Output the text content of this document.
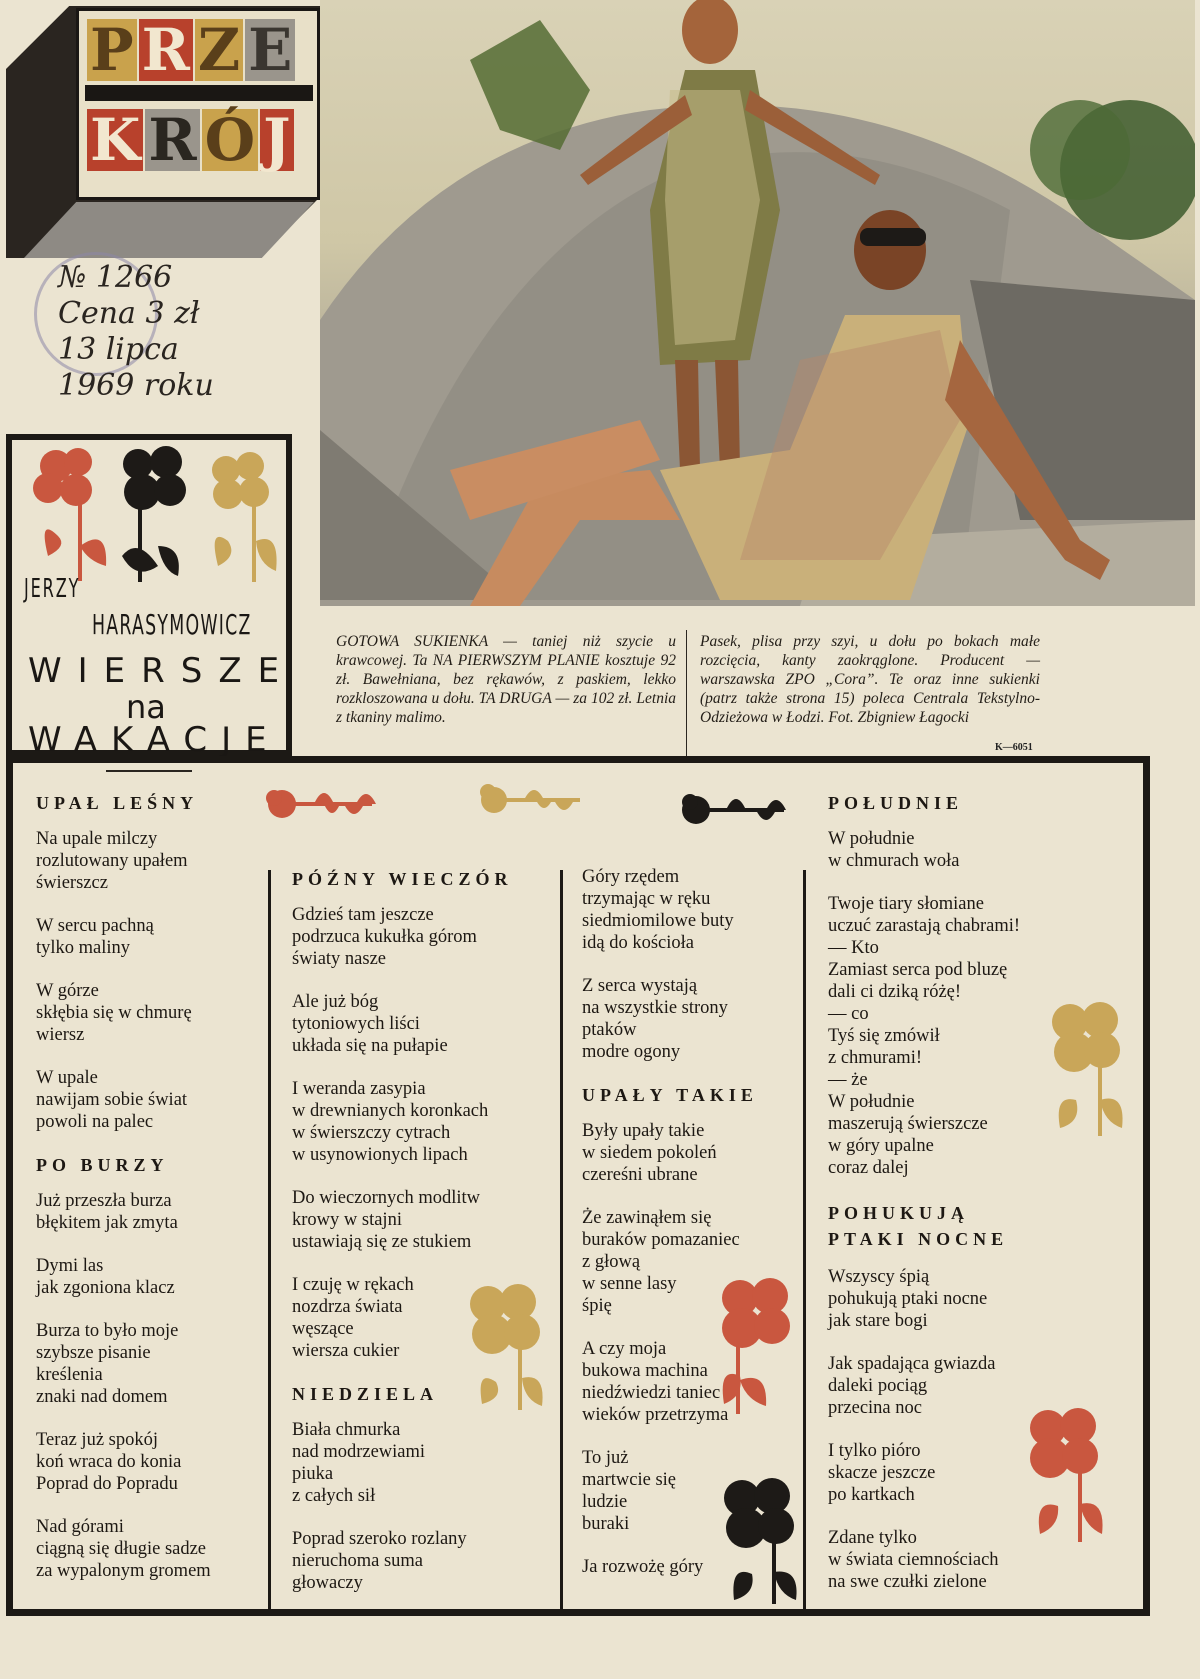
P R Z E
K R Ó J
№ 1266
Cena 3 zł
13 lipca
1969 roku
GOTOWA SUKIENKA — taniej niż szycie u krawcowej. Ta NA PIERWSZYM PLANIE kosztuje 92 zł. Bawełniana, bez rękawów, z paskiem, lekko rozkloszowana u dołu. TA DRUGA — za 102 zł. Letnia z tkaniny malimo.
Pasek, plisa przy szyi, u dołu po bokach małe rozcięcia, kanty zaokrąglone. Producent — warszawska ZPO „Cora”. Te oraz inne sukienki (patrz także strona 15) poleca Centrala Tekstylno-Odzieżowa w Łodzi. Fot. Zbigniew Łagocki
K—6051
JERZY
HARASYMOWICZ
WIERSZE
na
WAKACJE
UPAŁ LEŚNY
Na upale milczy
rozlutowany upałem
świerszcz
W sercu pachną
tylko maliny
W górze
skłębia się w chmurę
wiersz
W upale
nawijam sobie świat
powoli na palec
PO BURZY
Już przeszła burza
błękitem jak zmyta
Dymi las
jak zgoniona klacz
Burza to było moje
szybsze pisanie
kreślenia
znaki nad domem
Teraz już spokój
koń wraca do konia
Poprad do Popradu
Nad górami
ciągną się długie sadze
za wypalonym gromem
PÓŹNY WIECZÓR
Gdzieś tam jeszcze
podrzuca kukułka górom
światy nasze
Ale już bóg
tytoniowych liści
układa się na pułapie
I weranda zasypia
w drewnianych koronkach
w świerszczy cytrach
w usynowionych lipach
Do wieczornych modlitw
krowy w stajni
ustawiają się ze stukiem
I czuję w rękach
nozdrza świata
węszące
wiersza cukier
NIEDZIELA
Biała chmurka
nad modrzewiami
piuka
z całych sił
Poprad szeroko rozlany
nieruchoma suma
głowaczy
Góry rzędem
trzymając w ręku
siedmiomilowe buty
idą do kościoła
Z serca wystają
na wszystkie strony
ptaków
modre ogony
UPAŁY TAKIE
Były upały takie
w siedem pokoleń
czereśni ubrane
Że zawinąłem się
buraków pomazaniec
z głową
w senne lasy
śpię
A czy moja
bukowa machina
niedźwiedzi taniec
wieków przetrzyma
To już
martwcie się
ludzie
buraki
Ja rozwożę góry
POŁUDNIE
W południe
w chmurach woła
Twoje tiary słomiane
uczuć zarastają chabrami!
— Kto
Zamiast serca pod bluzę
dali ci dziką różę!
— co
Tyś się zmówił
z chmurami!
— że
W południe
maszerują świerszcze
w góry upalne
coraz dalej
POHUKUJĄ
PTAKI NOCNE
Wszyscy śpią
pohukują ptaki nocne
jak stare bogi
Jak spadająca gwiazda
daleki pociąg
przecina noc
I tylko pióro
skacze jeszcze
po kartkach
Zdane tylko
w świata ciemnościach
na swe czułki zielone
